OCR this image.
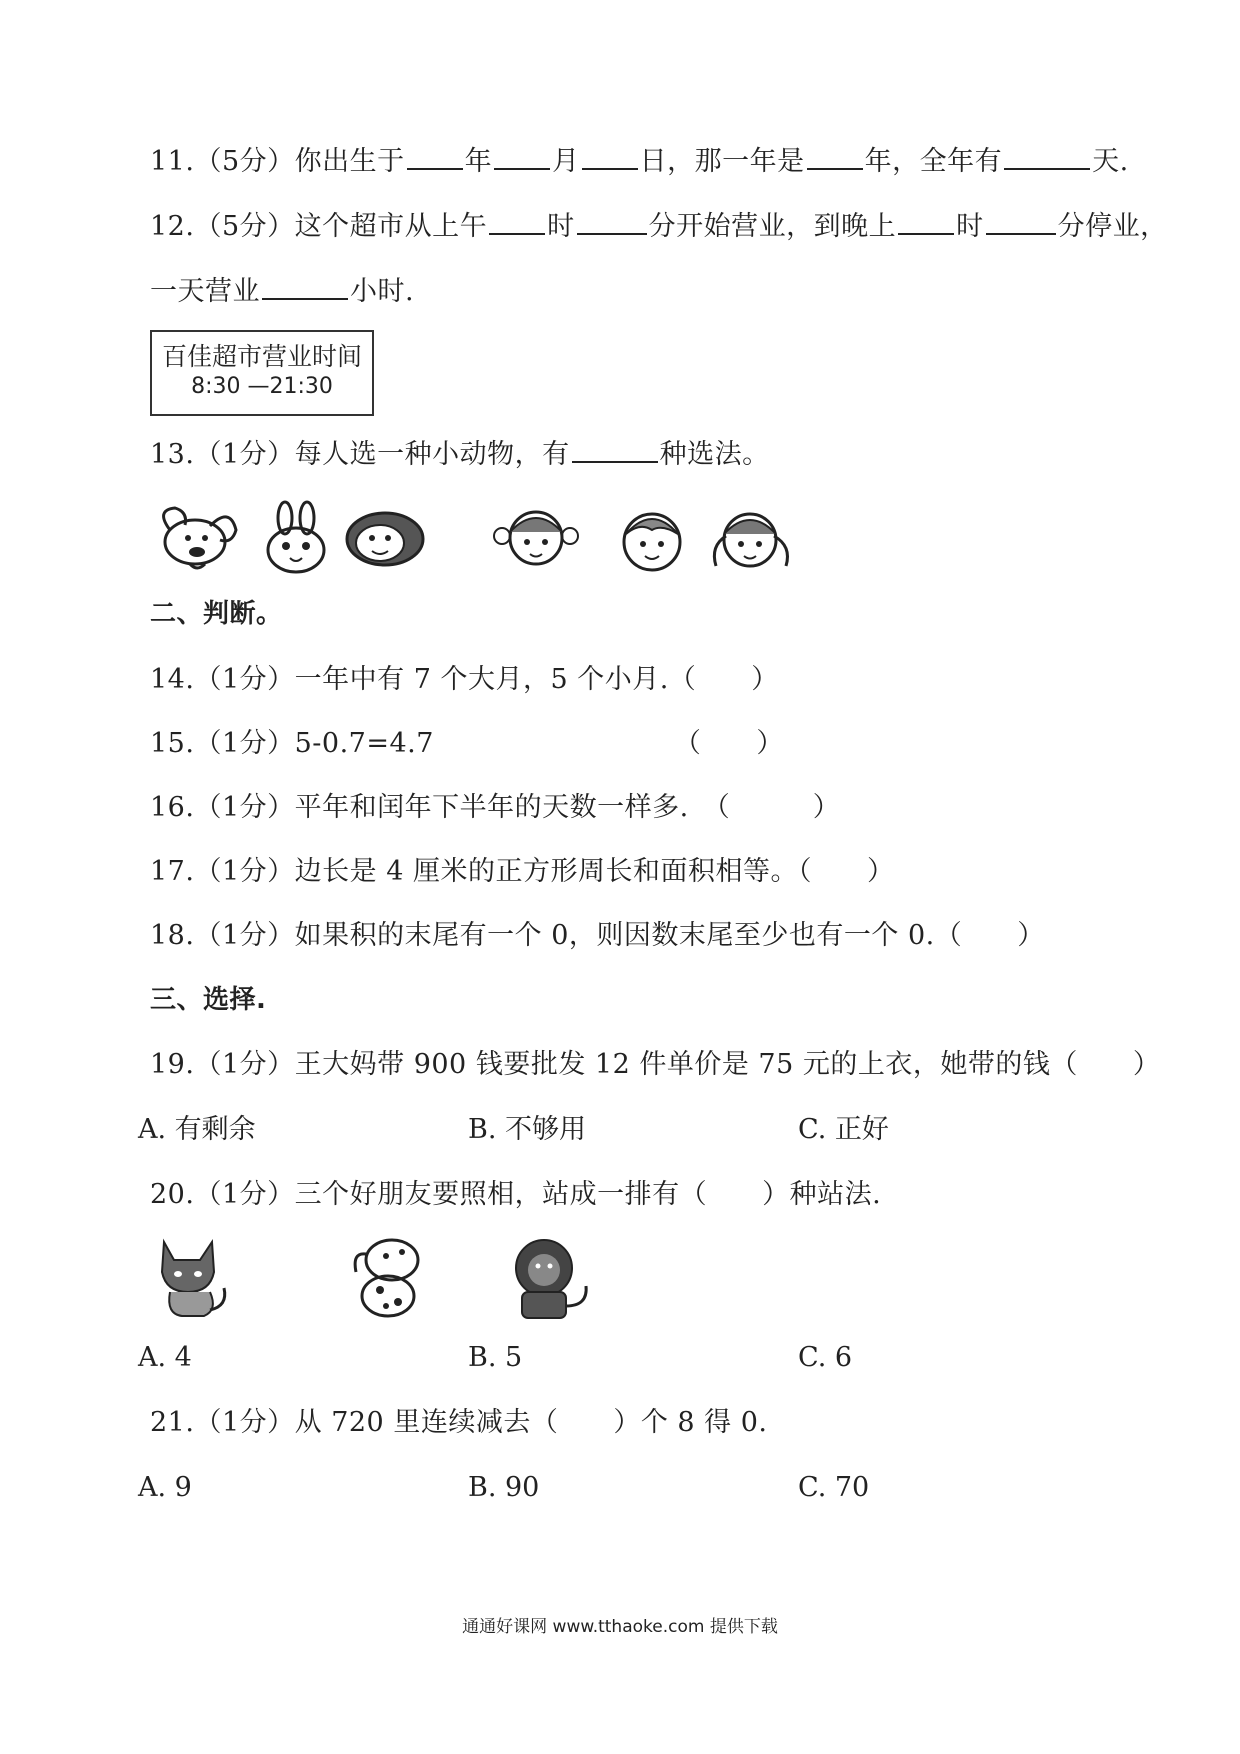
11.（5分）你出生于 年 月 日，那一年是 年，全年有	天.
12.（5分）这个超市从上午 时	分开始营业，到晚上 时	分停业，
一天营业	小时.
百佳超市营业时间
8:30 —21:30
13.（1分）每人选一种小动物，有	种选法。
二、判断。
14.（1分）一年中有 7 个大月，5 个小月.（　　）
15.（1分）5-0.7=4.7	（　　）
16.（1分）平年和闰年下半年的天数一样多.　（　　　）
17.（1分）边长是 4 厘米的正方形周长和面积相等。（　　）
18.（1分）如果积的末尾有一个 0，则因数末尾至少也有一个 0.（　　）
三、选择.
19.（1分）王大妈带 900 钱要批发 12 件单价是 75 元的上衣，她带的钱（　　）
A. 有剩余	B. 不够用	C. 正好
20.（1分）三个好朋友要照相，站成一排有（　　）种站法.
A. 4	B. 5	C. 6
21.（1分）从 720 里连续减去（　　）个 8 得 0.
A. 9	B. 90	C. 70
通通好课网 www.tthaoke.com 提供下载
